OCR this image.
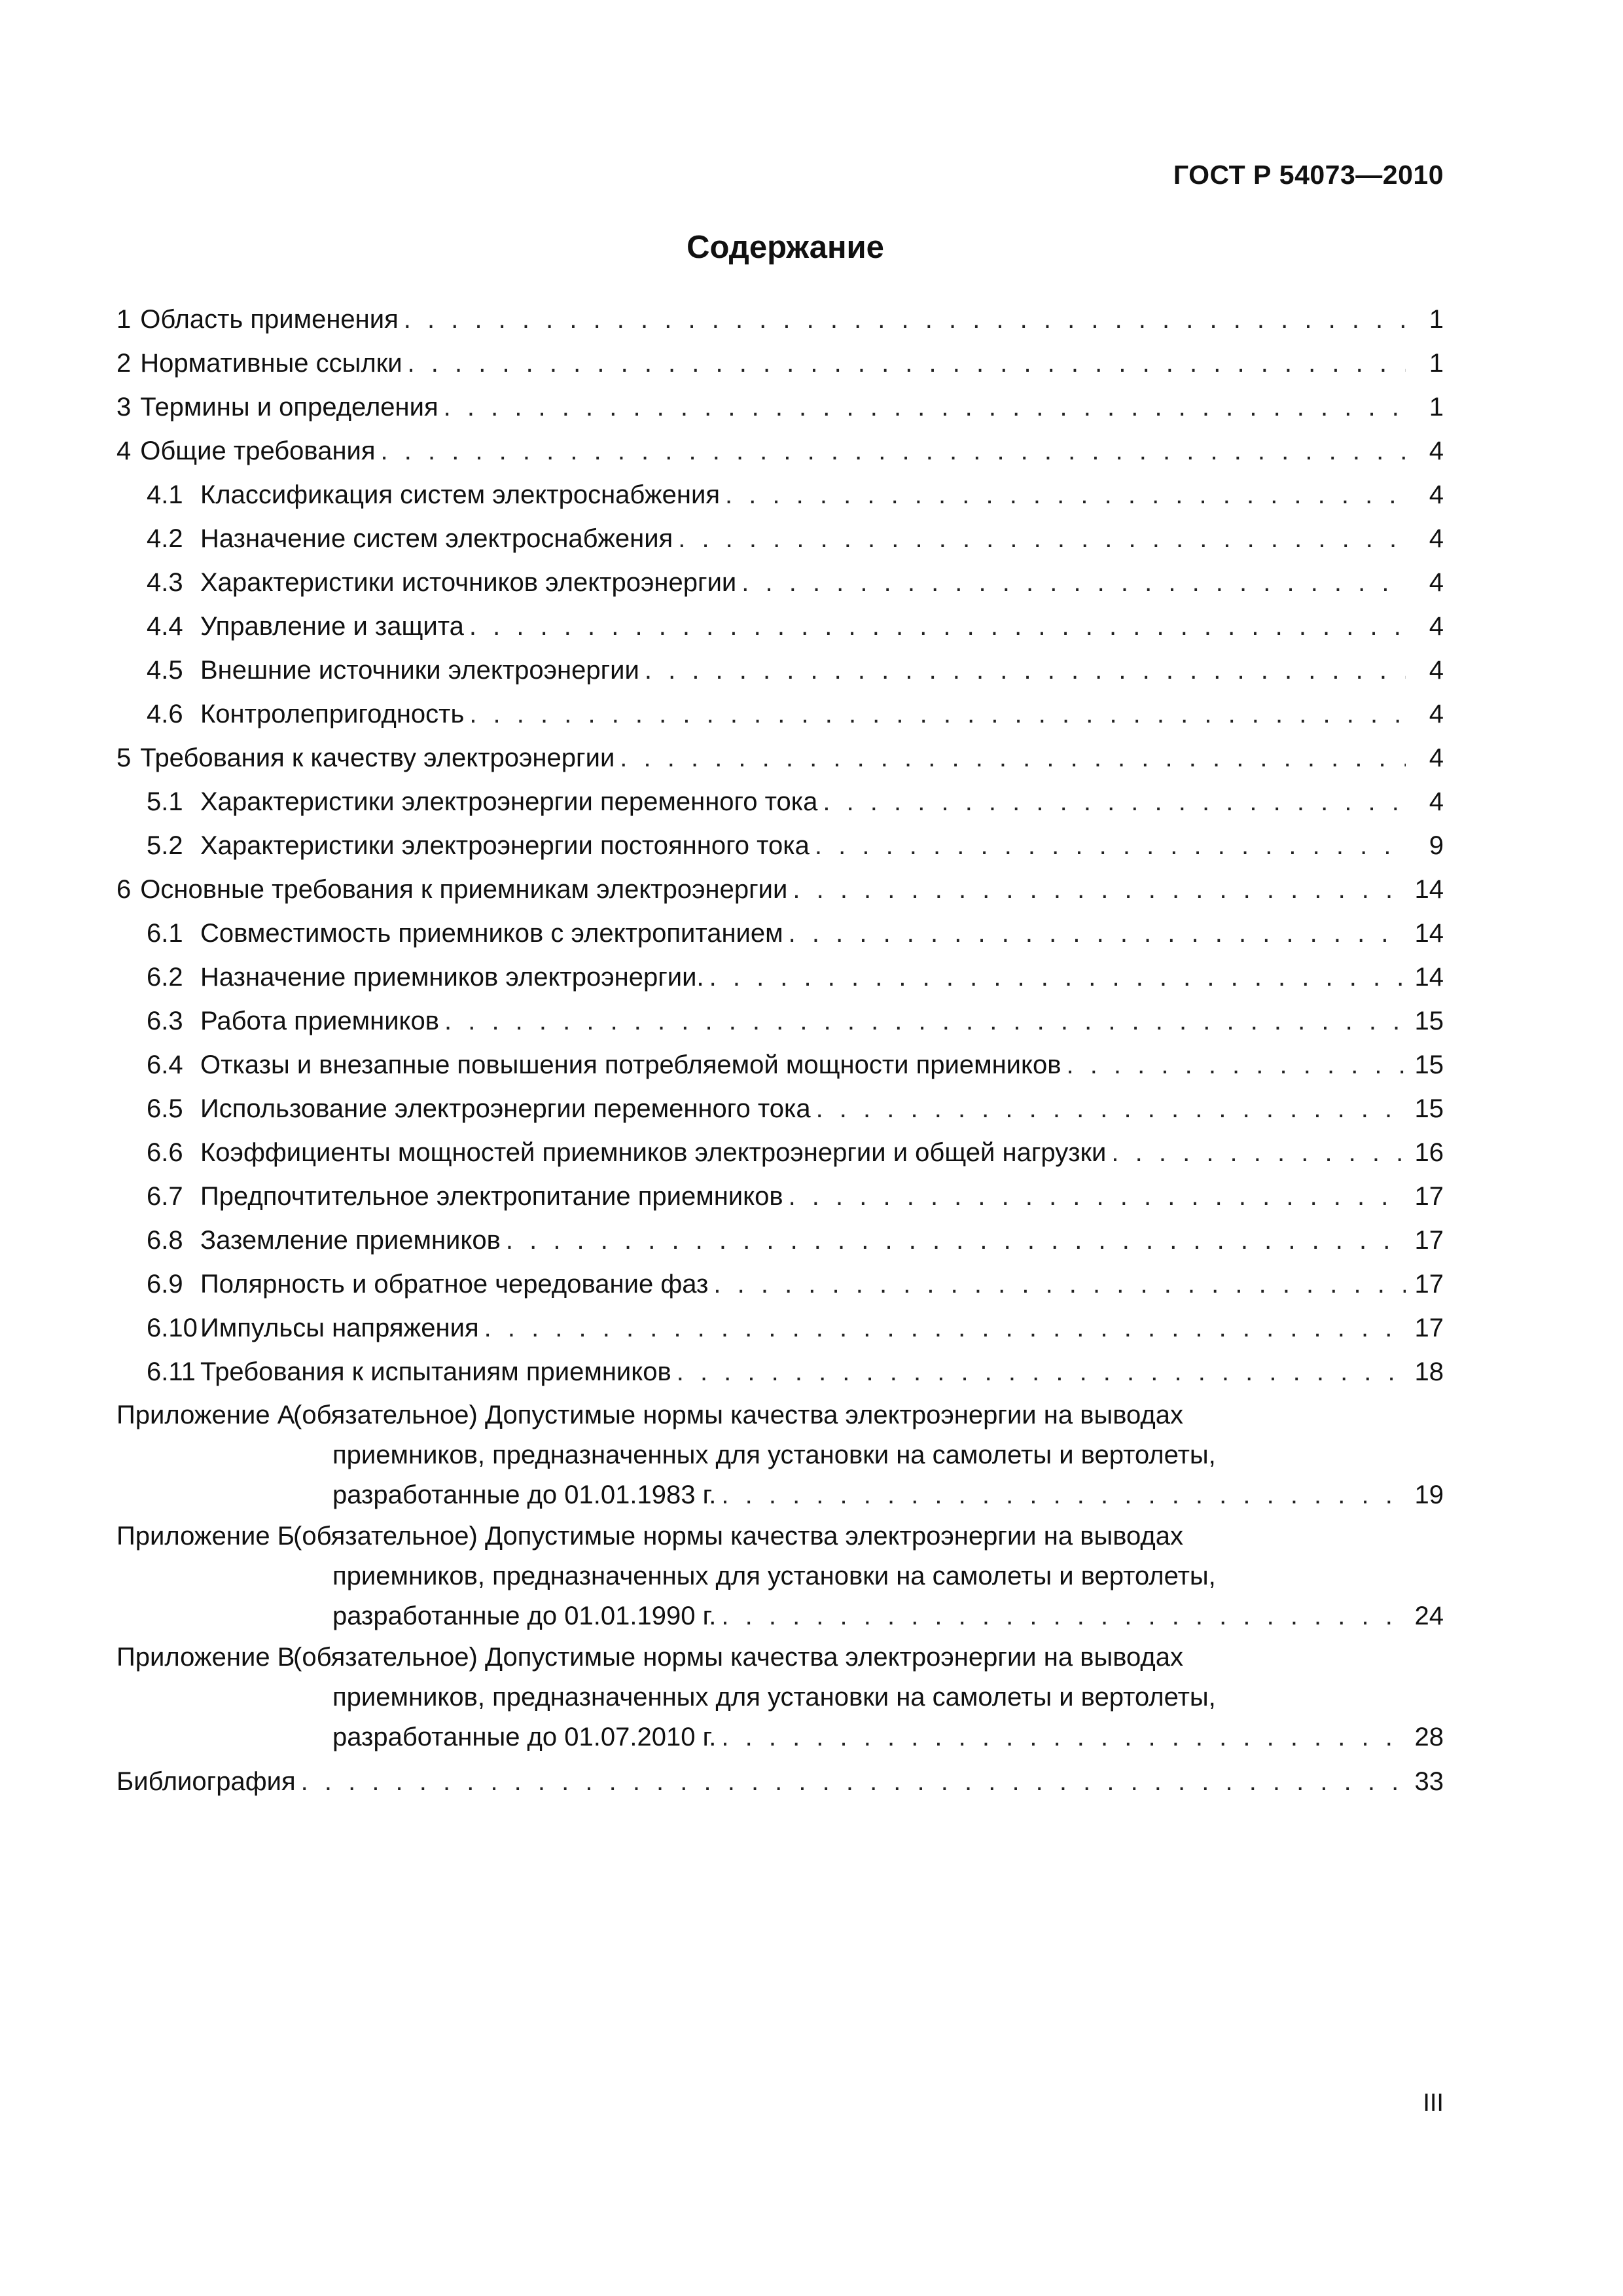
ГОСТ Р 54073—2010
Содержание
1 Область применения . . .	1
2 Нормативные ссылки . . .	1
3 Термины и определения . . .	1
4 Общие требования . . .	4
4.1 Классификация систем электроснабжения . . .	4
4.2 Назначение систем электроснабжения . . .	4
4.3 Характеристики источников электроэнергии . . .	4
4.4 Управление и защита . . .	4
4.5 Внешние источники электроэнергии . . .	4
4.6 Контролепригодность . . .	4
5 Требования к качеству электроэнергии . . .	4
5.1 Характеристики электроэнергии переменного тока . . .	4
5.2 Характеристики электроэнергии постоянного тока . . .	9
6 Основные требования к приемникам электроэнергии . . .	14
6.1 Совместимость приемников с электропитанием . . .	14
6.2 Назначение приемников электроэнергии. . . .	14
6.3 Работа приемников . . .	15
6.4 Отказы и внезапные повышения потребляемой мощности приемников . . .	15
6.5 Использование электроэнергии переменного тока . . .	15
6.6 Коэффициенты мощностей приемников электроэнергии и общей нагрузки . . .	16
6.7 Предпочтительное электропитание приемников . . .	17
6.8 Заземление приемников . . .	17
6.9 Полярность и обратное чередование фаз . . .	17
6.10 Импульсы напряжения . . .	17
6.11 Требования к испытаниям приемников . . .	18
Приложение А
(обязательное) Допустимые нормы качества электроэнергии на выводах
приемников, предназначенных для установки на самолеты и вертолеты,
разработанные до 01.01.1983 г. . . .	19
Приложение Б
(обязательное) Допустимые нормы качества электроэнергии на выводах
приемников, предназначенных для установки на самолеты и вертолеты,
разработанные до 01.01.1990 г. . . .	24
Приложение В
(обязательное) Допустимые нормы качества электроэнергии на выводах
приемников, предназначенных для установки на самолеты и вертолеты,
разработанные до 01.07.2010 г. . . .	28
Библиография . . .	33
III
